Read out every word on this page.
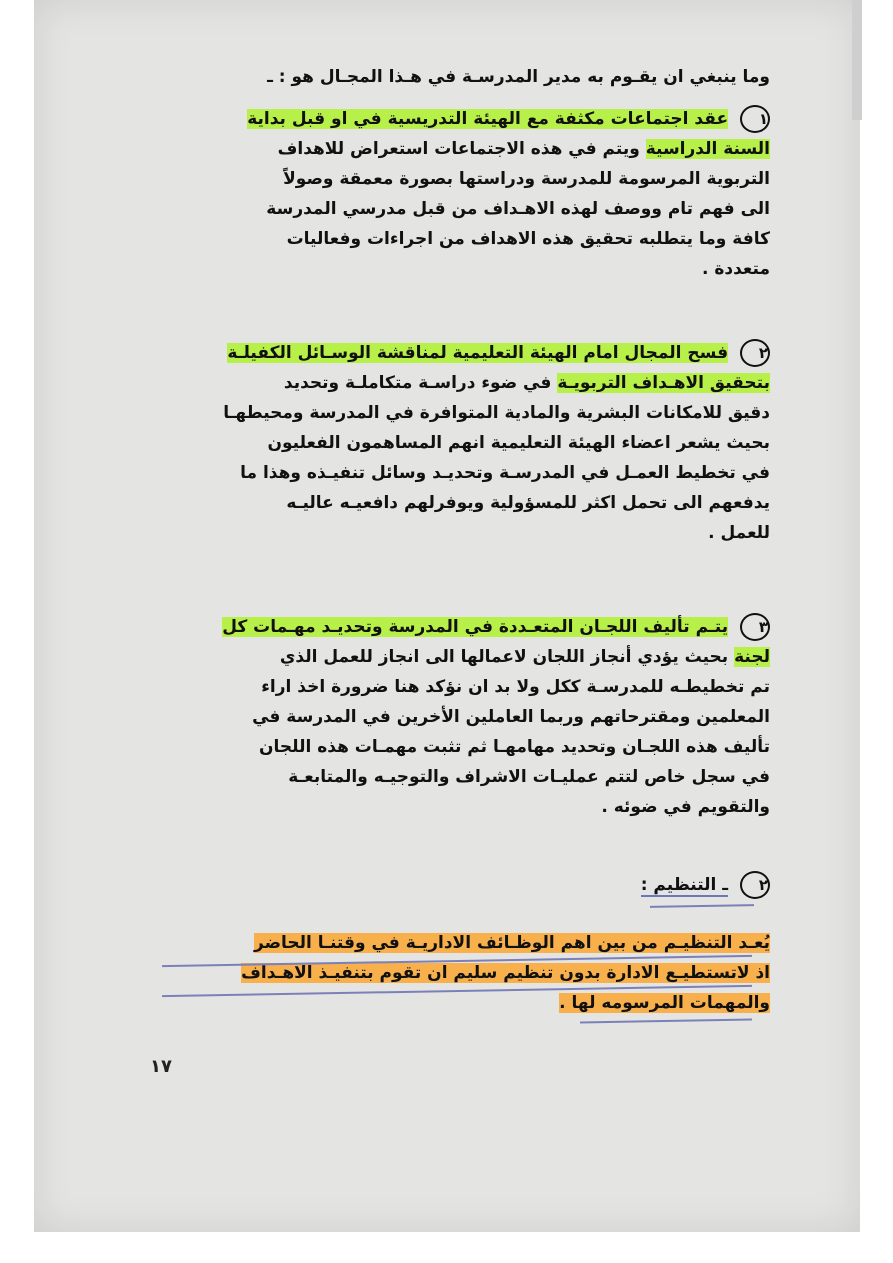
وما ينبغي ان يقـوم به مدير المدرسـة في هـذا المجـال هو : ـ
١ عقد اجتماعات مكثفة مع الهيئة التدريسية في او قبل بداية
السنة الدراسية ويتم في هذه الاجتماعات استعراض للاهداف
التربوية المرسومة للمدرسة ودراستها بصورة معمقة وصولاً
الى فهم تام ووصف لهذه الاهـداف من قبل مدرسي المدرسة
كافة وما يتطلبه تحقيق هذه الاهداف من اجراءات وفعاليات
متعددة .
٢ فسح المجال امام الهيئة التعليمية لمناقشة الوسـائل الكفيلـة
بتحقيق الاهـداف التربويـة في ضوء دراسـة متكاملـة وتحديد
دقيق للامكانات البشرية والمادية المتوافرة في المدرسة ومحيطهـا
بحيث يشعر اعضاء الهيئة التعليمية انهم المساهمون الفعليون
في تخطيط العمـل في المدرسـة وتحديـد وسائل تنفيـذه وهذا ما
يدفعهم الى تحمل اكثر للمسؤولية ويوفرلهم دافعيـه عاليـه
للعمل .
٣ يتـم تأليف اللجـان المتعـددة في المدرسة وتحديـد مهـمات كل
لجنة بحيث يؤدي أنجاز اللجان لاعمالها الى انجاز للعمل الذي
تم تخطيطـه للمدرسـة ككل ولا بد ان نؤكد هنا ضرورة اخذ اراء
المعلمين ومقترحاتهم وربما العاملين الأخرين في المدرسة في
تأليف هذه اللجـان وتحديد مهامهـا ثم تثبت مهمـات هذه اللجان
في سجل خاص لتتم عمليـات الاشراف والتوجيـه والمتابعـة
والتقويم في ضوئه .
٢ ـ التنظيم :
يُعـد التنظيـم من بين اهم الوظـائف الاداريـة في وقتنـا الحاضر
اذ لاتستطيـع الادارة بدون تنظيم سليم ان تقوم بتنفيـذ الاهـداف
والمهمات المرسومه لها .
١٧
